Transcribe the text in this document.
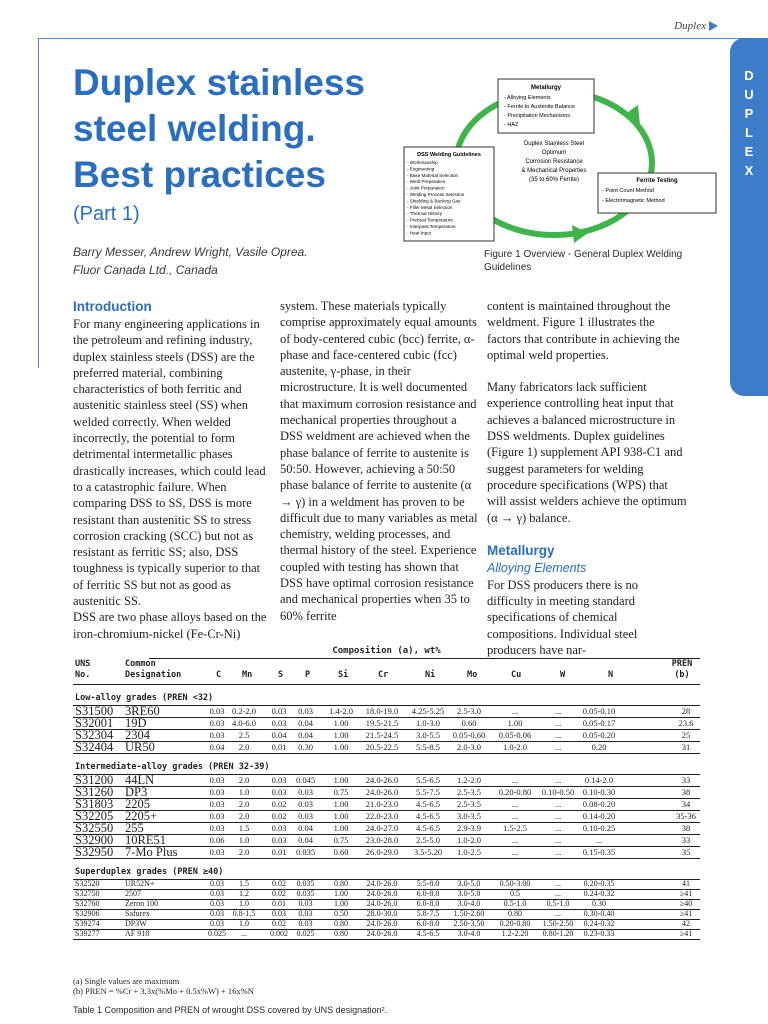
Duplex
D
U
P
L
E
X
Duplex stainless steel welding. Best practices
(Part 1)
Barry Messer, Andrew Wright, Vasile Oprea.
Fluor Canada Ltd., Canada
Metallurgy
- Alloying Elements
- Ferrite to Austenite Balance
- Precipitation Mechanisms
- HAZ
DSS Welding Guidelines
- Workmanship
- Engineering
- Base Material Selection
- Weld Preparation
- Joint Preparation
- Welding Process Selection
- Shielding & Backing Gas
- Filler Metal Selection
- Thermal History
- Preheat Temperature
- Interpass Temperature
- Heat Input
Duplex Stainless Steel
Optimum
Corrosion Resistance
& Mechanical Properties
(35 to 60% Ferrite)	Ferrite Testing
- Point Count Method
- Electromagnetic Method
Figure 1 Overview - General Duplex Welding Guidelines

Introduction

For many engineering applications in the petroleum and refining industry, duplex stainless steels (DSS) are the preferred material, combining characteristics of both ferritic and austenitic stainless steel (SS) when welded correctly. When welded incorrectly, the potential to form detrimental intermetallic phases drastically increases, which could lead to a catastrophic failure. When comparing DSS to SS, DSS is more resistant than austenitic SS to stress corrosion cracking (SCC) but not as resistant as ferritic SS; also, DSS toughness is typically superior to that of ferritic SS but not as good as austenitic SS.

DSS are two phase alloys based on the iron-chromium-nickel (Fe-Cr-Ni)

system. These materials typically comprise approximately equal amounts of body-centered cubic (bcc) ferrite, α-phase and face-centered cubic (fcc) austenite, γ-phase, in their microstructure. It is well documented that maximum corrosion resistance and mechanical properties throughout a DSS weldment are achieved when the phase balance of ferrite to austenite is 50:50. However, achieving a 50:50 phase balance of ferrite to austenite (α → γ) in a weldment has proven to be difficult due to many variables as metal chemistry, welding processes, and thermal history of the steel. Experience coupled with testing has shown that DSS have optimal corrosion resistance and mechanical properties when 35 to 60% ferrite

content is maintained throughout the weldment. Figure 1 illustrates the factors that contribute in achieving the optimal weld properties.

Many fabricators lack sufficient experience controlling heat input that achieves a balanced microstructure in DSS weldments. Duplex guidelines (Figure 1) supplement API 938-C1 and suggest parameters for welding procedure specifications (WPS) that will assist welders achieve the optimum (α → γ) balance.

Metallurgy

Alloying Elements

For DSS producers there is no difficulty in meeting standard specifications of chemical compositions. Individual steel producers have nar-

Composition (a), wt%
UNS
No.
Common
Designation	C Mn	S	P	Si	Cr	Ni	Mo	Cu	W	N
PREN
(b)
Low-alloy grades (PREN <32)
S31500 3RE60	0.03 0.2-2.0	0.03	0.03	1.4-2.0	18.0-19.0	4.25-5.25	2.5-3.0	...	...	0.05-0.10	28
S32001 19D	0.03 4.0-6.0	0.03	0.04	1.00	19.5-21.5	1.0-3.0	0.60	1.00	...	0.05-0.17	23.6
S32304 2304	0.03	2.5	0.04	0.04	1.00	21.5-24.5	3.0-5.5	0.05-0.60	0.05-0.06	...	0.05-0.20	25
S32404 UR50	0.04	2.0	0.01	0.30	1.00	20.5-22.5	5.5-8.5	2.0-3.0	1.0-2.0	...	0.20	31
Intermediate-alloy grades (PREN 32-39)
S31200 44LN	0.03	2.0	0.03	0.045	1.00	24.0-26.0	5.5-6.5	1.2-2.0	...	...	0.14-2.0	33
S31260 DP3	0.03	1.0	0.03	0.03	0.75	24.0-26.0	5.5-7.5	2.5-3.5	0.20-0.80	0.10-0.50 0.10-0.30	38
S31803 2205	0.03	2.0	0.02	0.03	1.00	21.0-23.0	4.5-6.5	2.5-3.5	...	...	0.08-0.20	34
S32205 2205+	0.03	2.0	0.02	0.03	1.00	22.0-23.0	4.5-6.5	3.0-3.5	...	...	0.14-0.20	35-36
S32550 255	0.03	1.5	0.03	0.04	1.00	24.0-27.0	4.5-6.5	2.9-3.9	1.5-2.5	...	0.10-0.25	38
S32900 10RE51	0.06	1.0	0.03	0.04	0.75	23.0-28.0	2.5-5.0	1.0-2.0	...	...	...	33
S32950 7-Mo Plus	0.03	2.0	0.01	0.035	0.60	26.0-29.0	3.5-5.20	1.0-2.5	...	...	0.15-0.35	35
Superduplex grades (PREN ≥40)
S32520	UR52N+	0.03	1.5	0.02	0.035	0.80	24.0-26.0	5.5-8.0	3.0-5.0	0.50-3.00	...	0.20-0.35	41
S32750	2507	0.03	1.2	0.02	0.035	1.00	24.0-26.0	6.0-8.0	3.0-5.0	0.5	...	0.24-0.32	≥41
S32760	Zeron 100	0.03	1.0	0.01	0.03	1.00	24.0-26.0	6.0-8.0	3.0-4.0	0.5-1.0	0.5-1.0	0.30	≥40
S32906	Safurex	0.03	0.8-1.5	0.03	0.03	0.50	28.0-30.0	5.8-7.5	1.50-2.60	0.80	...	0.30-0.40	≥41
S39274	DP3W	0.03	1.0	0.02	0.03	0.80	24.0-26.0	6.0-8.0	2.50-3.50	0.20-0.80	1.50-2.50	0.24-0.32	42
S39277	AF 918	0.025	...	0.002	0.025	0.80	24.0-26.0	4.5-6.5	3.0-4.0	1.2-2.20	0.80-1.20	0.23-0.33	≥41
(a) Single values are maximum
(b) PREN = %Cr + 3.3x(%Mo + 0.5x%W) + 16x%N
Table 1 Composition and PREN of wrought DSS covered by UNS designation².
